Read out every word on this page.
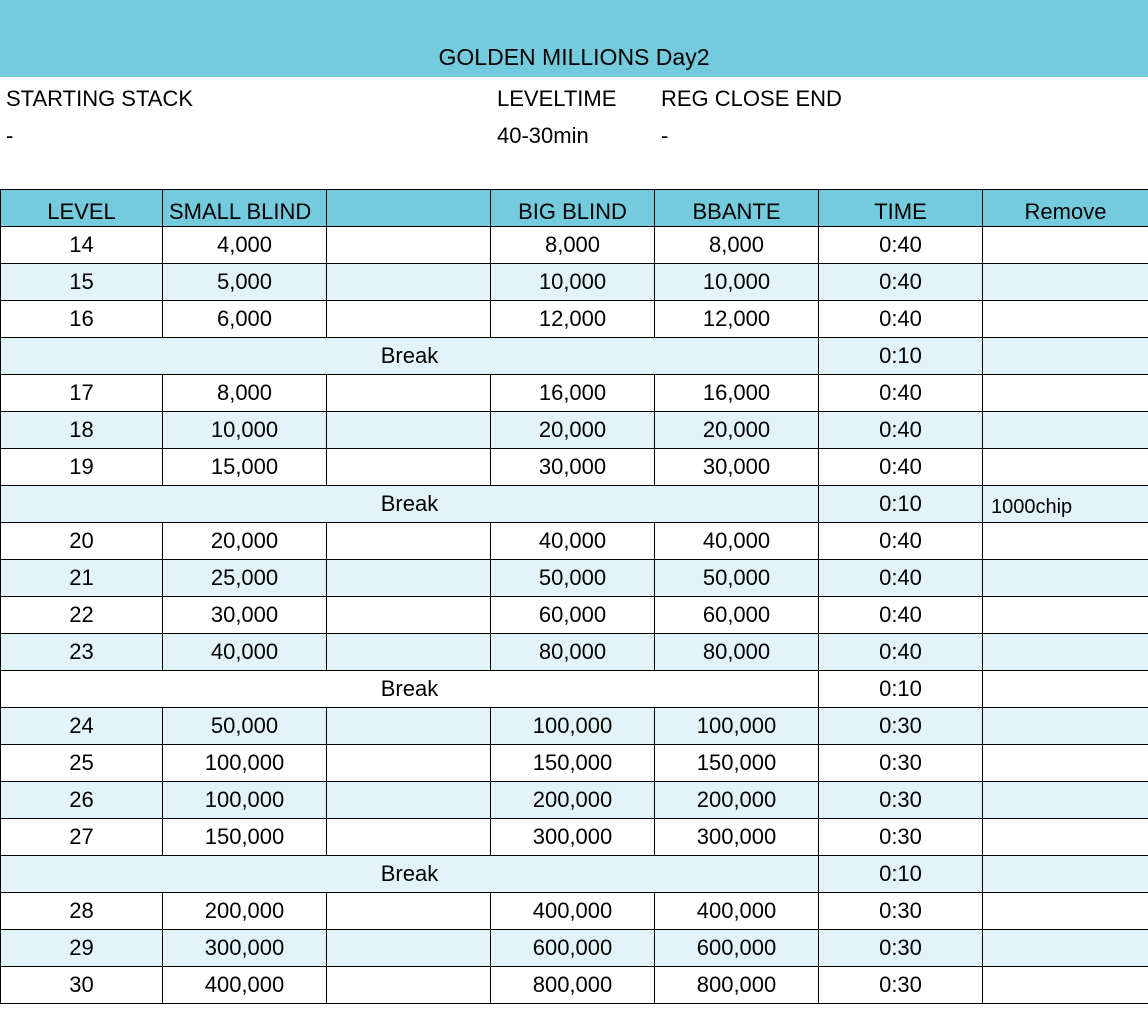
GOLDEN MILLIONS Day2
STARTING STACK
-
LEVELTIME
40-30min
REG CLOSE END
-
LEVEL	SMALL BLIND		BIG BLIND	BBANTE	TIME	Remove
14	4,000		8,000	8,000	0:40	
15	5,000		10,000	10,000	0:40	
16	6,000		12,000	12,000	0:40	
Break					0:10	
17	8,000		16,000	16,000	0:40	
18	10,000		20,000	20,000	0:40	
19	15,000		30,000	30,000	0:40	
Break					0:10	1000chip
20	20,000		40,000	40,000	0:40	
21	25,000		50,000	50,000	0:40	
22	30,000		60,000	60,000	0:40	
23	40,000		80,000	80,000	0:40	
Break					0:10	
24	50,000		100,000	100,000	0:30	
25	100,000		150,000	150,000	0:30	
26	100,000		200,000	200,000	0:30	
27	150,000		300,000	300,000	0:30	
Break					0:10	
28	200,000		400,000	400,000	0:30	
29	300,000		600,000	600,000	0:30	
30	400,000		800,000	800,000	0:30	
